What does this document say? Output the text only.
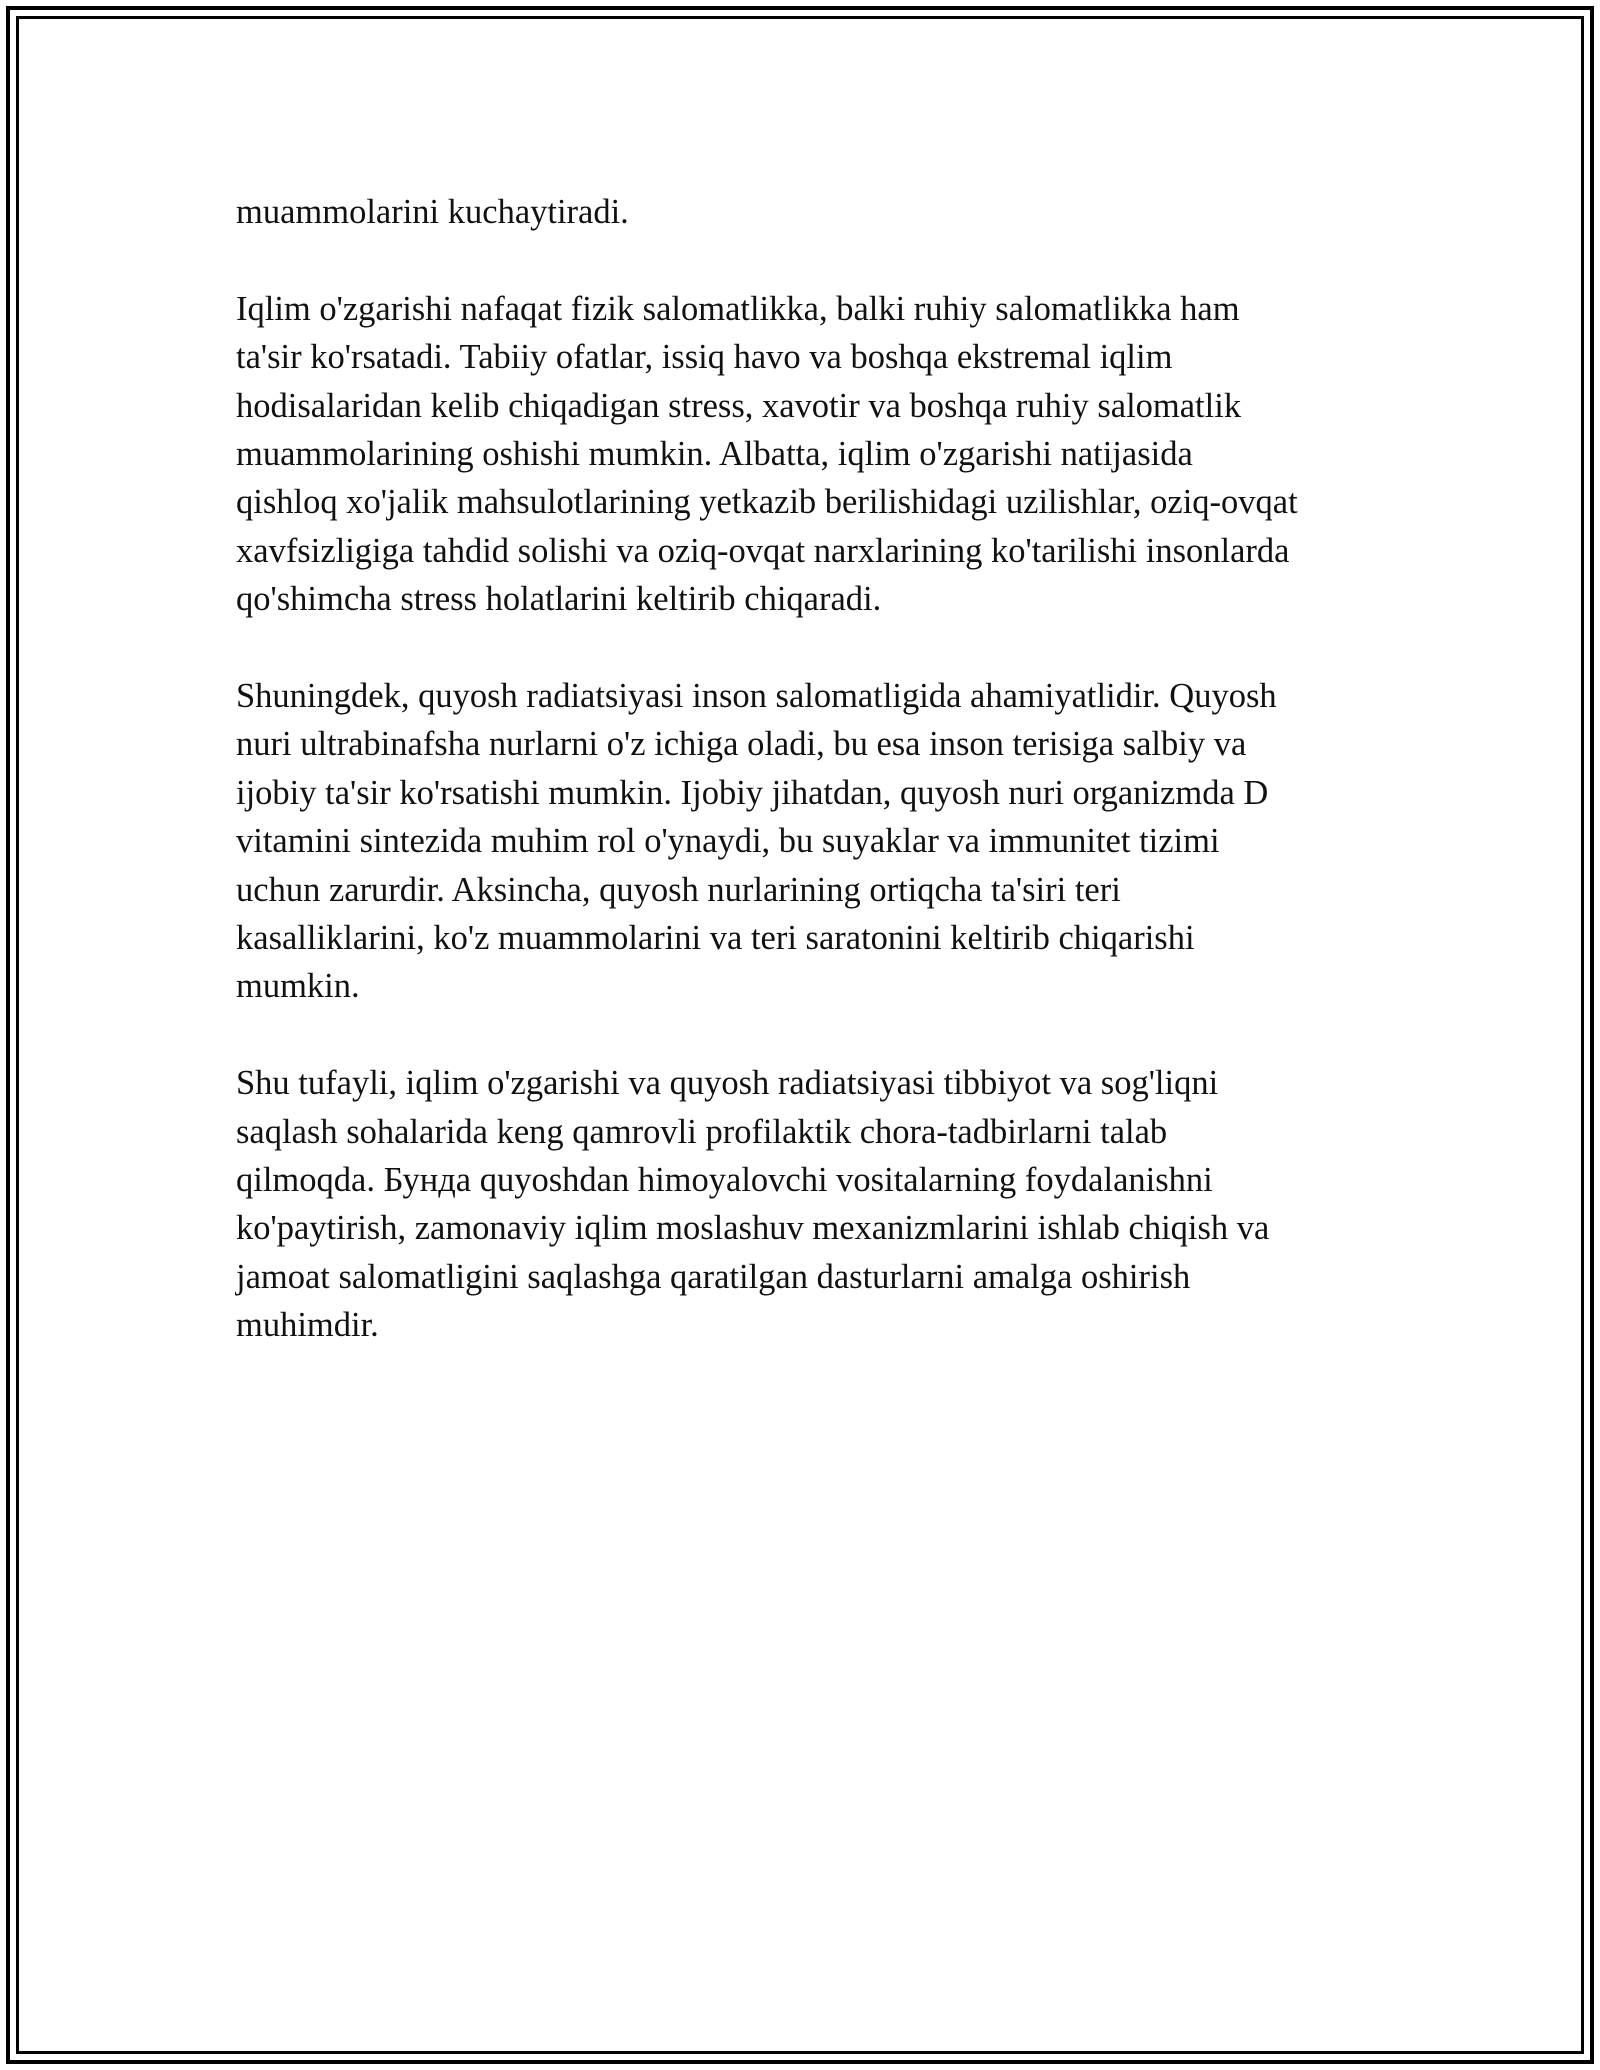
muammolarini kuchaytiradi.

Iqlim o'zgarishi nafaqat fizik salomatlikka, balki ruhiy salomatlikka ham
ta'sir ko'rsatadi. Tabiiy ofatlar, issiq havo va boshqa ekstremal iqlim
hodisalaridan kelib chiqadigan stress, xavotir va boshqa ruhiy salomatlik
muammolarining oshishi mumkin. Albatta, iqlim o'zgarishi natijasida
qishloq xo'jalik mahsulotlarining yetkazib berilishidagi uzilishlar, oziq-ovqat
xavfsizligiga tahdid solishi va oziq-ovqat narxlarining ko'tarilishi insonlarda
qo'shimcha stress holatlarini keltirib chiqaradi.

Shuningdek, quyosh radiatsiyasi inson salomatligida ahamiyatlidir. Quyosh
nuri ultrabinafsha nurlarni o'z ichiga oladi, bu esa inson terisiga salbiy va
ijobiy ta'sir ko'rsatishi mumkin. Ijobiy jihatdan, quyosh nuri organizmda D
vitamini sintezida muhim rol o'ynaydi, bu suyaklar va immunitet tizimi
uchun zarurdir. Aksincha, quyosh nurlarining ortiqcha ta'siri teri
kasalliklarini, ko'z muammolarini va teri saratonini keltirib chiqarishi
mumkin.

Shu tufayli, iqlim o'zgarishi va quyosh radiatsiyasi tibbiyot va sog'liqni
saqlash sohalarida keng qamrovli profilaktik chora-tadbirlarni talab
qilmoqda. Бунда quyoshdan himoyalovchi vositalarning foydalanishni
ko'paytirish, zamonaviy iqlim moslashuv mexanizmlarini ishlab chiqish va
jamoat salomatligini saqlashga qaratilgan dasturlarni amalga oshirish
muhimdir.
